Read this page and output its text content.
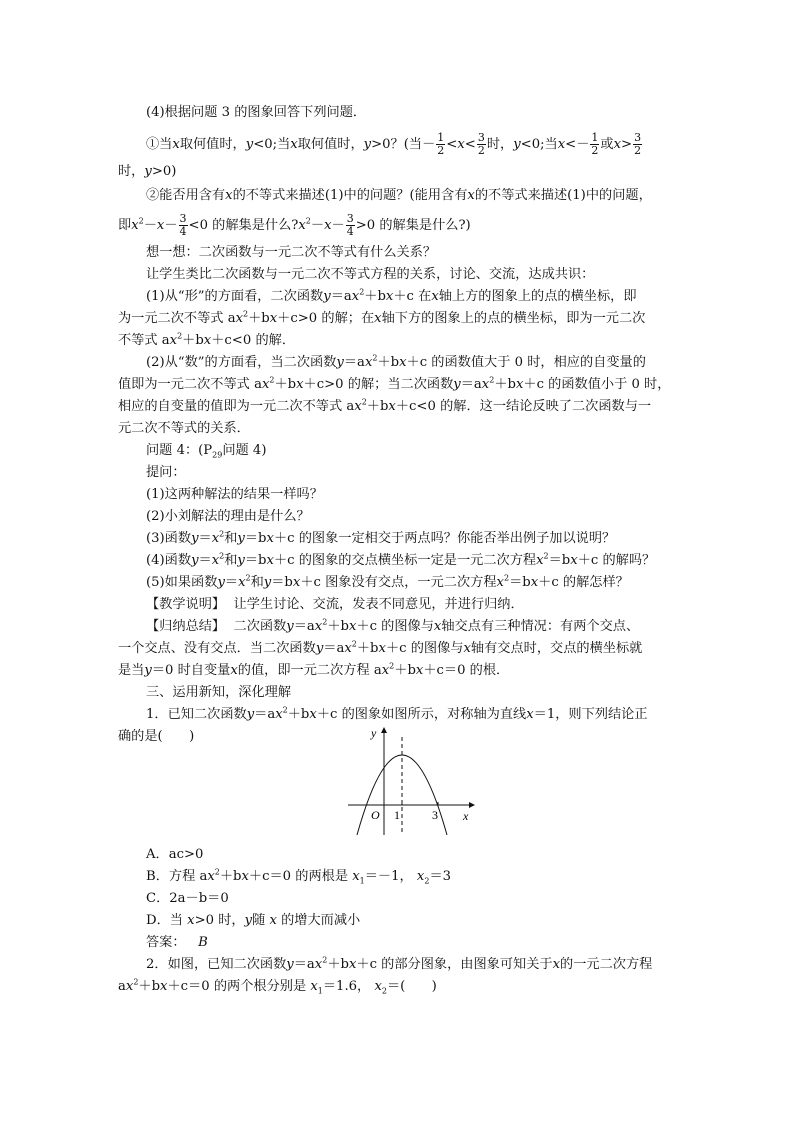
(4)根据问题 3 的图象回答下列问题．
①当x取何值时，y<0;当x取何值时，y>0？(当－ $\frac{1}{2} <x< \frac{3}{2}$ 时，y<0;当$x<- \frac{1}{2}$ 或$x> \frac{3}{2}$
时，y>0)
②能否用含有x的不等式来描述(1)中的问题？(能用含有x的不等式来描述(1)中的问题，
即$x^2-x- \frac{3}{4} <0$ 的解集是什么$?x^2-x- \frac{3}{4} >0$ 的解集是什么?)
想一想：二次函数与一元二次不等式有什么关系？
让学生类比二次函数与一元二次不等式方程的关系，讨论、交流，达成共识：
(1)从“形”的方面看，二次函数$y=ax^2+bx+c$ 在x轴上方的图象上的点的横坐标，即
为一元二次不等式 $ax^2+bx+c>0$ 的解；在x轴下方的图象上的点的横坐标，即为一元二次
不等式 $ax^2+bx+c<0$ 的解．
(2)从“数”的方面看，当二次函数$y=ax^2+bx+c$ 的函数值大于 0 时，相应的自变量的
值即为一元二次不等式 $ax^2+bx+c>0$ 的解；当二次函数$y=ax^2+bx+c$ 的函数值小于 0 时，
相应的自变量的值即为一元二次不等式 $ax^2+bx+c<0$ 的解．这一结论反映了二次函数与一
元二次不等式的关系．
问题 4：($P_{29}$问题 4)
提问：
(1)这两种解法的结果一样吗？
(2)小刘解法的理由是什么？
(3)函数$y=x^2$和y＝bx＋c 的图象一定相交于两点吗？你能否举出例子加以说明？
(4)函数$y=x^2$和y＝bx＋c 的图象的交点横坐标一定是一元二次方程$x^2=bx+c$ 的解吗？
(5)如果函数$y=x^2$和y＝bx＋c 图象没有交点，一元二次方程$x^2=bx+c$ 的解怎样？
【教学说明】 让学生讨论、交流，发表不同意见，并进行归纳．
【归纳总结】 二次函数$y=ax^2+bx+c$ 的图像与x轴交点有三种情况：有两个交点、
一个交点、没有交点．当二次函数$y=ax^2+bx+c$ 的图像与x轴有交点时，交点的横坐标就
是当y＝0 时自变量x的值，即一元二次方程 $ax^2+bx+c=0$ 的根．
三、运用新知，深化理解
1．已知二次函数$y=ax^2+bx+c$ 的图象如图所示，对称轴为直线x＝1，则下列结论正
确的是(　　)	y
x
O 1	3
A．ac>0
B．方程 $ax^2+bx+c=0$ 的两根是 $x_1=-1$， $x_2=3$
C．2a－b＝0
D．当 x>0 时，y随 x 的增大而减小
答案： B
2．如图，已知二次函数$y=ax^2+bx+c$ 的部分图象，由图象可知关于x的一元二次方程
$ax^2+bx+c=0$ 的两个根分别是 $x_1=1.6$， $x_2=$(　　)
